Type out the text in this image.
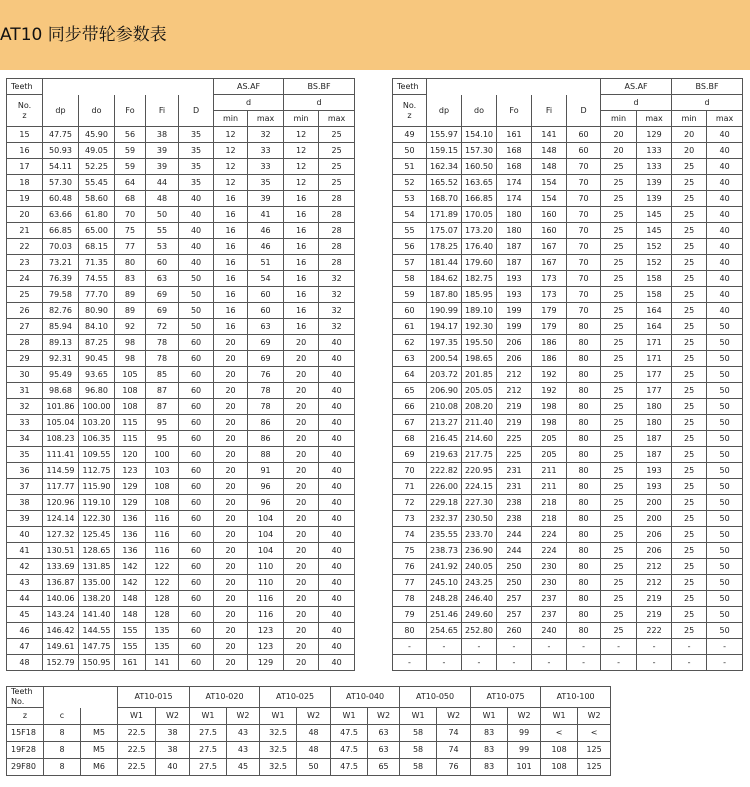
AT10 同步带轮参数表
Teeth						AS.AF		BS.BF	
No.
z	dp	do	Fo	Fi	D	d		d	
						min	max	min	max
15	47.75	45.90	56	38	35	12	32	12	25
16	50.93	49.05	59	39	35	12	33	12	25
17	54.11	52.25	59	39	35	12	33	12	25
18	57.30	55.45	64	44	35	12	35	12	25
19	60.48	58.60	68	48	40	16	39	16	28
20	63.66	61.80	70	50	40	16	41	16	28
21	66.85	65.00	75	55	40	16	46	16	28
22	70.03	68.15	77	53	40	16	46	16	28
23	73.21	71.35	80	60	40	16	51	16	28
24	76.39	74.55	83	63	50	16	54	16	32
25	79.58	77.70	89	69	50	16	60	16	32
26	82.76	80.90	89	69	50	16	60	16	32
27	85.94	84.10	92	72	50	16	63	16	32
28	89.13	87.25	98	78	60	20	69	20	40
29	92.31	90.45	98	78	60	20	69	20	40
30	95.49	93.65	105	85	60	20	76	20	40
31	98.68	96.80	108	87	60	20	78	20	40
32	101.86	100.00	108	87	60	20	78	20	40
33	105.04	103.20	115	95	60	20	86	20	40
34	108.23	106.35	115	95	60	20	86	20	40
35	111.41	109.55	120	100	60	20	88	20	40
36	114.59	112.75	123	103	60	20	91	20	40
37	117.77	115.90	129	108	60	20	96	20	40
38	120.96	119.10	129	108	60	20	96	20	40
39	124.14	122.30	136	116	60	20	104	20	40
40	127.32	125.45	136	116	60	20	104	20	40
41	130.51	128.65	136	116	60	20	104	20	40
42	133.69	131.85	142	122	60	20	110	20	40
43	136.87	135.00	142	122	60	20	110	20	40
44	140.06	138.20	148	128	60	20	116	20	40
45	143.24	141.40	148	128	60	20	116	20	40
46	146.42	144.55	155	135	60	20	123	20	40
47	149.61	147.75	155	135	60	20	123	20	40
48	152.79	150.95	161	141	60	20	129	20	40
Teeth						AS.AF		BS.BF	
No.
z	dp	do	Fo	Fi	D	d		d	
						min	max	min	max
49	155.97	154.10	161	141	60	20	129	20	40
50	159.15	157.30	168	148	60	20	133	20	40
51	162.34	160.50	168	148	70	25	133	25	40
52	165.52	163.65	174	154	70	25	139	25	40
53	168.70	166.85	174	154	70	25	139	25	40
54	171.89	170.05	180	160	70	25	145	25	40
55	175.07	173.20	180	160	70	25	145	25	40
56	178.25	176.40	187	167	70	25	152	25	40
57	181.44	179.60	187	167	70	25	152	25	40
58	184.62	182.75	193	173	70	25	158	25	40
59	187.80	185.95	193	173	70	25	158	25	40
60	190.99	189.10	199	179	70	25	164	25	40
61	194.17	192.30	199	179	80	25	164	25	50
62	197.35	195.50	206	186	80	25	171	25	50
63	200.54	198.65	206	186	80	25	171	25	50
64	203.72	201.85	212	192	80	25	177	25	50
65	206.90	205.05	212	192	80	25	177	25	50
66	210.08	208.20	219	198	80	25	180	25	50
67	213.27	211.40	219	198	80	25	180	25	50
68	216.45	214.60	225	205	80	25	187	25	50
69	219.63	217.75	225	205	80	25	187	25	50
70	222.82	220.95	231	211	80	25	193	25	50
71	226.00	224.15	231	211	80	25	193	25	50
72	229.18	227.30	238	218	80	25	200	25	50
73	232.37	230.50	238	218	80	25	200	25	50
74	235.55	233.70	244	224	80	25	206	25	50
75	238.73	236.90	244	224	80	25	206	25	50
76	241.92	240.05	250	230	80	25	212	25	50
77	245.10	243.25	250	230	80	25	212	25	50
78	248.28	246.40	257	237	80	25	219	25	50
79	251.46	249.60	257	237	80	25	219	25	50
80	254.65	252.80	260	240	80	25	222	25	50
-	-	-	-	-	-	-	-	-	-
-	-	-	-	-	-	-	-	-	-
Teeth
No.			AT10-015		AT10-020		AT10-025		AT10-040		AT10-050		AT10-075		AT10-100	

z	c		W1	W2	W1	W2	W1	W2	W1	W2	W1	W2	W1	W2	W1	W2
15F18	8	M5	22.5	38	27.5	43	32.5	48	47.5	63	58	74	83	99	<	<
19F28	8	M5	22.5	38	27.5	43	32.5	48	47.5	63	58	74	83	99	108	125
29F80	8	M6	22.5	40	27.5	45	32.5	50	47.5	65	58	76	83	101	108	125
